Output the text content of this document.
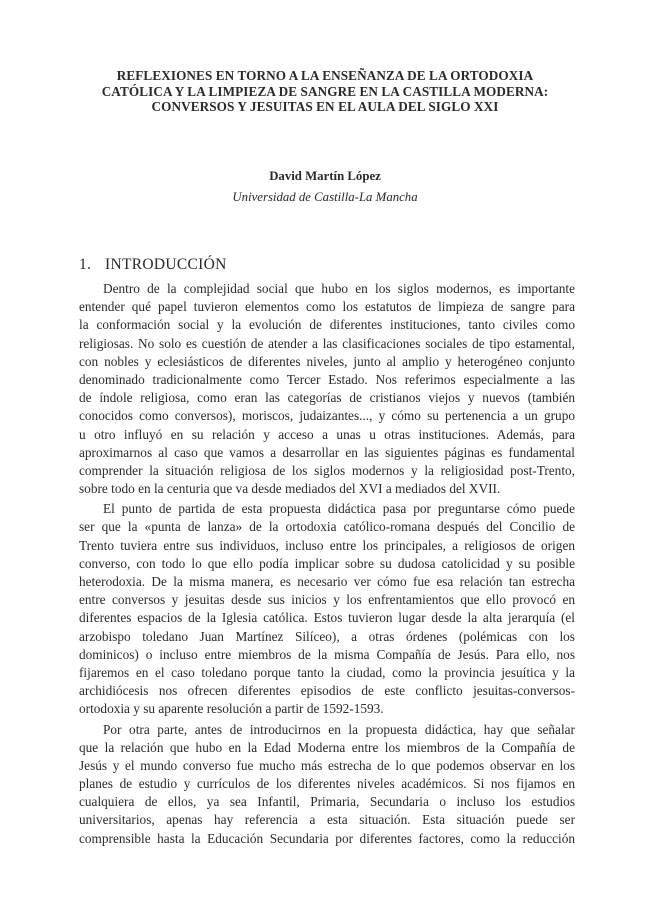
REFLEXIONES EN TORNO A LA ENSEÑANZA DE LA ORTODOXIA
CATÓLICA Y LA LIMPIEZA DE SANGRE EN LA CASTILLA MODERNA:
CONVERSOS Y JESUITAS EN EL AULA DEL SIGLO XXI
David Martín López
Universidad de Castilla-La Mancha
1. INTRODUCCIÓN
Dentro de la complejidad social que hubo en los siglos modernos, es importante
entender qué papel tuvieron elementos como los estatutos de limpieza de sangre para
la conformación social y la evolución de diferentes instituciones, tanto civiles como
religiosas. No solo es cuestión de atender a las clasificaciones sociales de tipo estamental,
con nobles y eclesiásticos de diferentes niveles, junto al amplio y heterogéneo conjunto
denominado tradicionalmente como Tercer Estado. Nos referimos especialmente a las
de índole religiosa, como eran las categorías de cristianos viejos y nuevos (también
conocidos como conversos), moriscos, judaizantes..., y cómo su pertenencia a un grupo
u otro influyó en su relación y acceso a unas u otras instituciones. Además, para
aproximarnos al caso que vamos a desarrollar en las siguientes páginas es fundamental
comprender la situación religiosa de los siglos modernos y la religiosidad post-Trento,
sobre todo en la centuria que va desde mediados del XVI a mediados del XVII.
El punto de partida de esta propuesta didáctica pasa por preguntarse cómo puede
ser que la «punta de lanza» de la ortodoxia católico-romana después del Concilio de
Trento tuviera entre sus individuos, incluso entre los principales, a religiosos de origen
converso, con todo lo que ello podía implicar sobre su dudosa catolicidad y su posible
heterodoxia. De la misma manera, es necesario ver cómo fue esa relación tan estrecha
entre conversos y jesuitas desde sus inicios y los enfrentamientos que ello provocó en
diferentes espacios de la Iglesia católica. Estos tuvieron lugar desde la alta jerarquía (el
arzobispo toledano Juan Martínez Silíceo), a otras órdenes (polémicas con los
dominicos) o incluso entre miembros de la misma Compañía de Jesús. Para ello, nos
fijaremos en el caso toledano porque tanto la ciudad, como la provincia jesuítica y la
archidiócesis nos ofrecen diferentes episodios de este conflicto jesuitas-conversos-
ortodoxia y su aparente resolución a partir de 1592-1593.
Por otra parte, antes de introducirnos en la propuesta didáctica, hay que señalar
que la relación que hubo en la Edad Moderna entre los miembros de la Compañía de
Jesús y el mundo converso fue mucho más estrecha de lo que podemos observar en los
planes de estudio y currículos de los diferentes niveles académicos. Si nos fijamos en
cualquiera de ellos, ya sea Infantil, Primaria, Secundaria o incluso los estudios
universitarios, apenas hay referencia a esta situación. Esta situación puede ser
comprensible hasta la Educación Secundaria por diferentes factores, como la reducción
